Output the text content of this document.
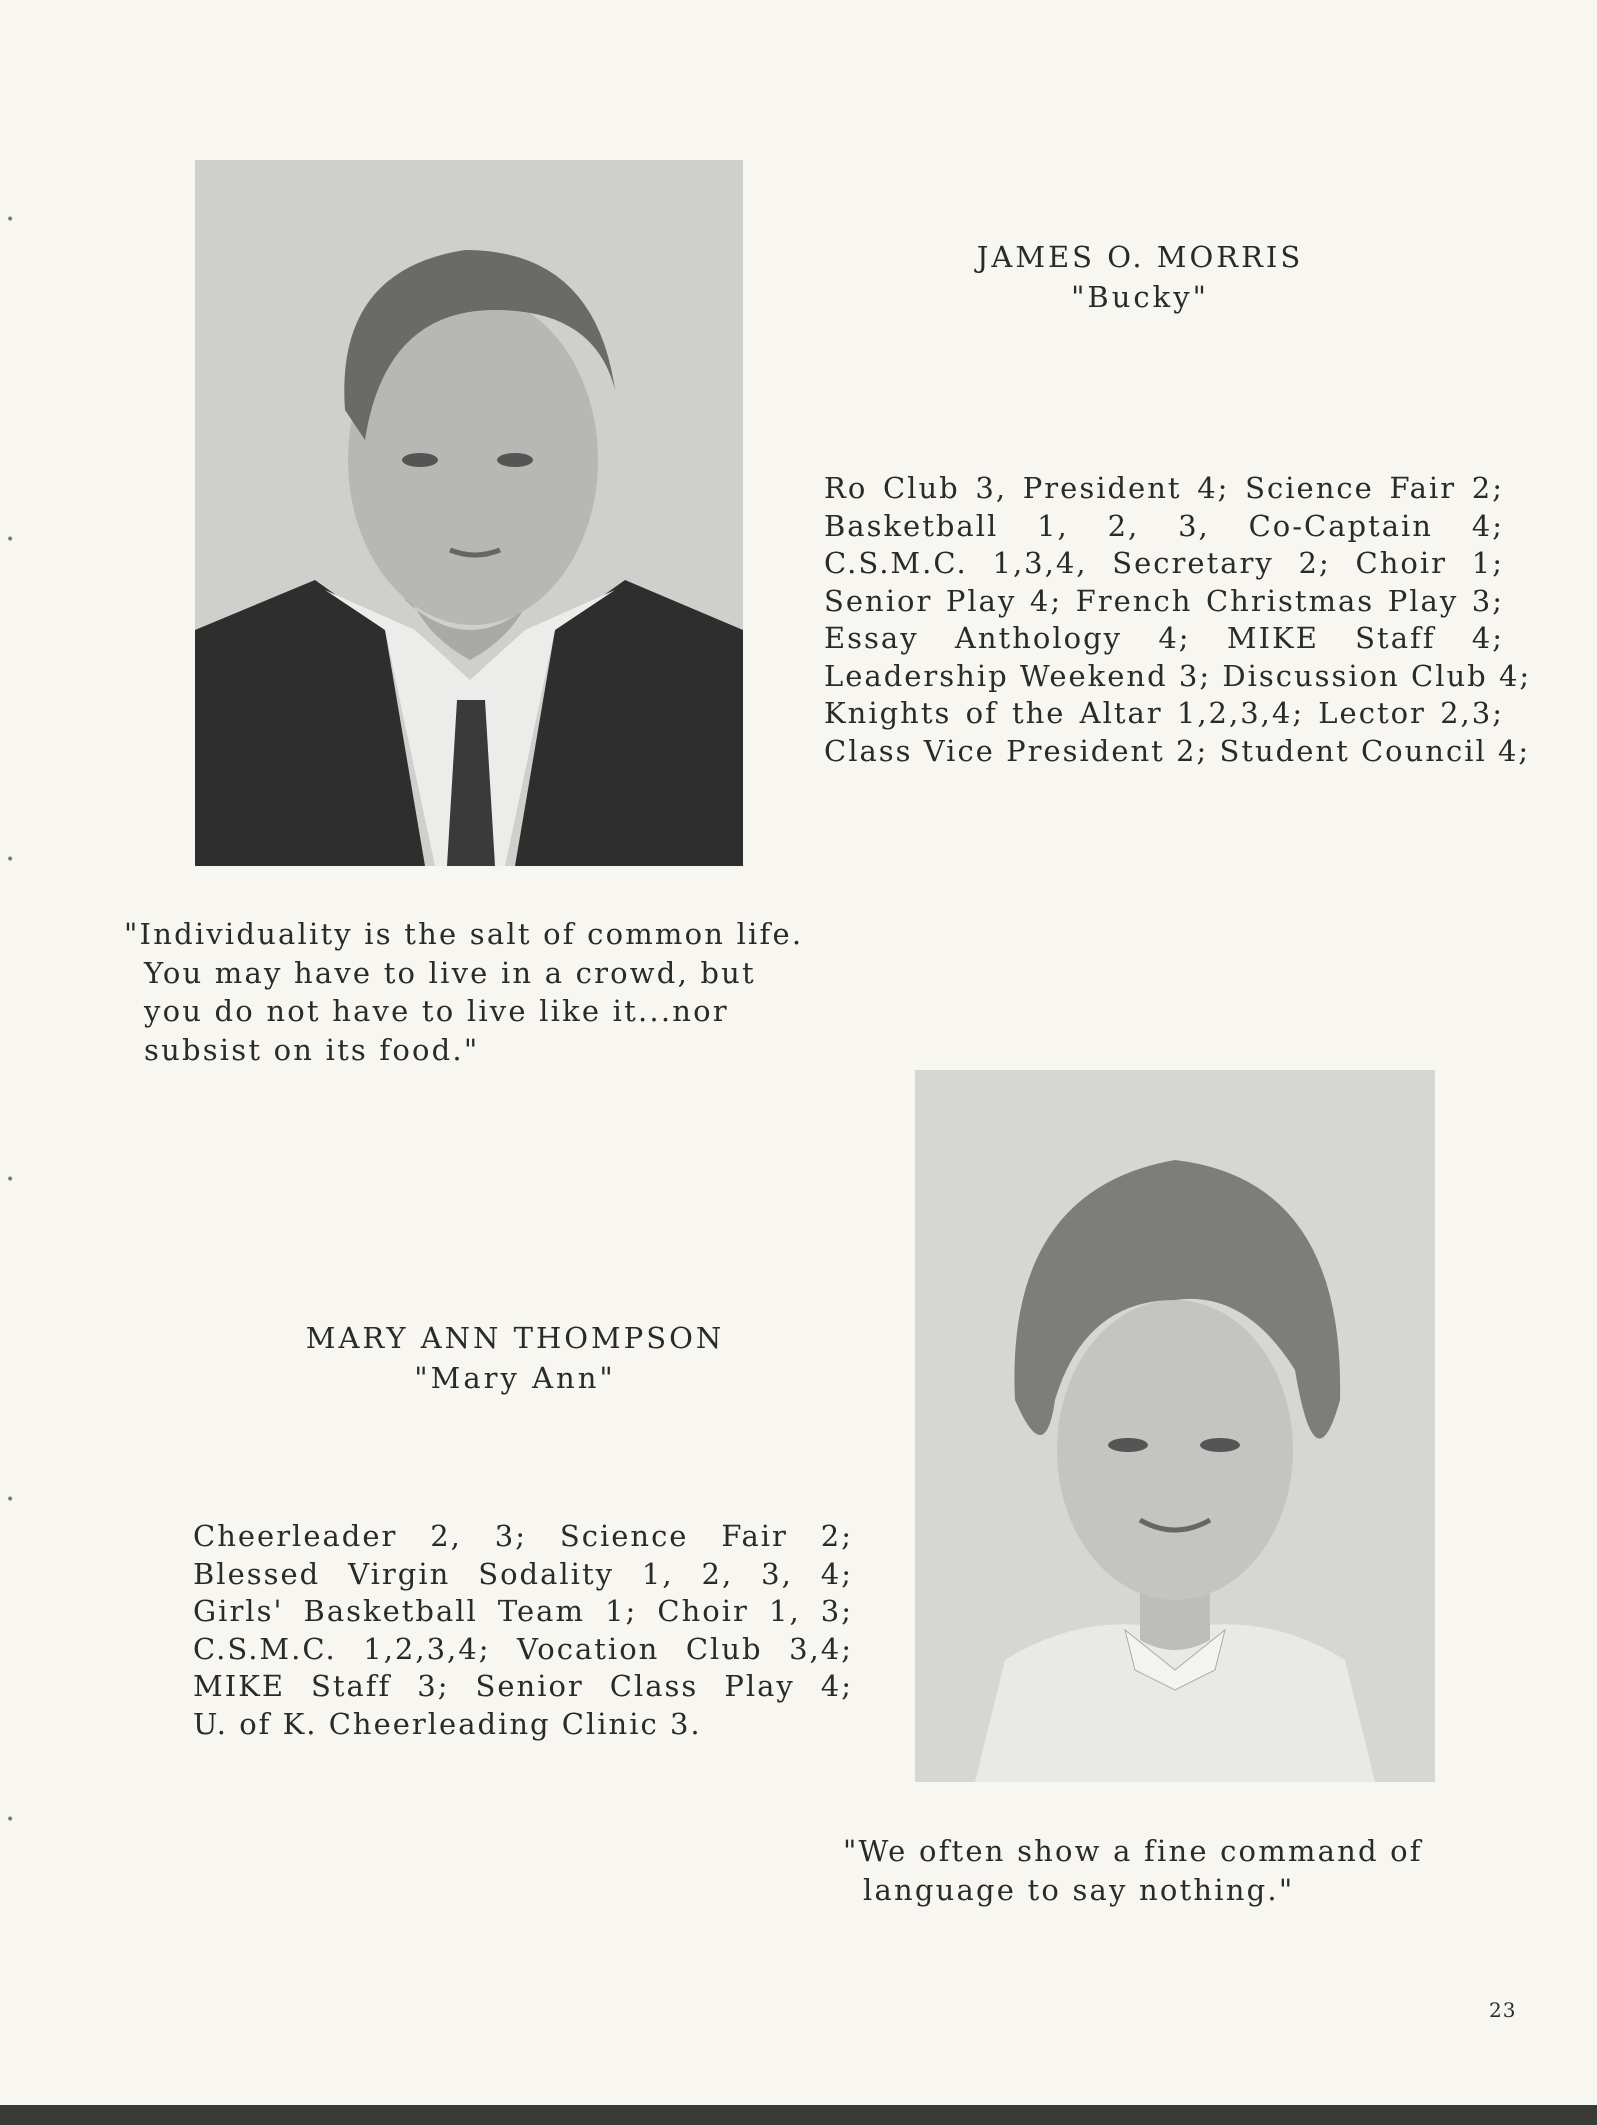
JAMES O. MORRIS
"Bucky"
Ro Club 3, President 4; Science Fair 2;
Basketball 1, 2, 3, Co-Captain 4;
C.S.M.C. 1,3,4, Secretary 2; Choir 1;
Senior Play 4; French Christmas Play 3;
Essay Anthology 4; MIKE Staff 4;
Leadership Weekend 3; Discussion Club 4;
Knights of the Altar 1,2,3,4; Lector 2,3;
Class Vice President 2; Student Council 4;
"Individuality is the salt of common life.
You may have to live in a crowd, but
you do not have to live like it...nor
subsist on its food."
MARY ANN THOMPSON
"Mary Ann"
Cheerleader 2, 3; Science Fair 2;
Blessed Virgin Sodality 1, 2, 3, 4;
Girls' Basketball Team 1; Choir 1, 3;
C.S.M.C. 1,2,3,4; Vocation Club 3,4;
MIKE Staff 3; Senior Class Play 4;
U. of K. Cheerleading Clinic 3.
"We often show a fine command of
language to say nothing."
23
•
•
•
•
•
•
